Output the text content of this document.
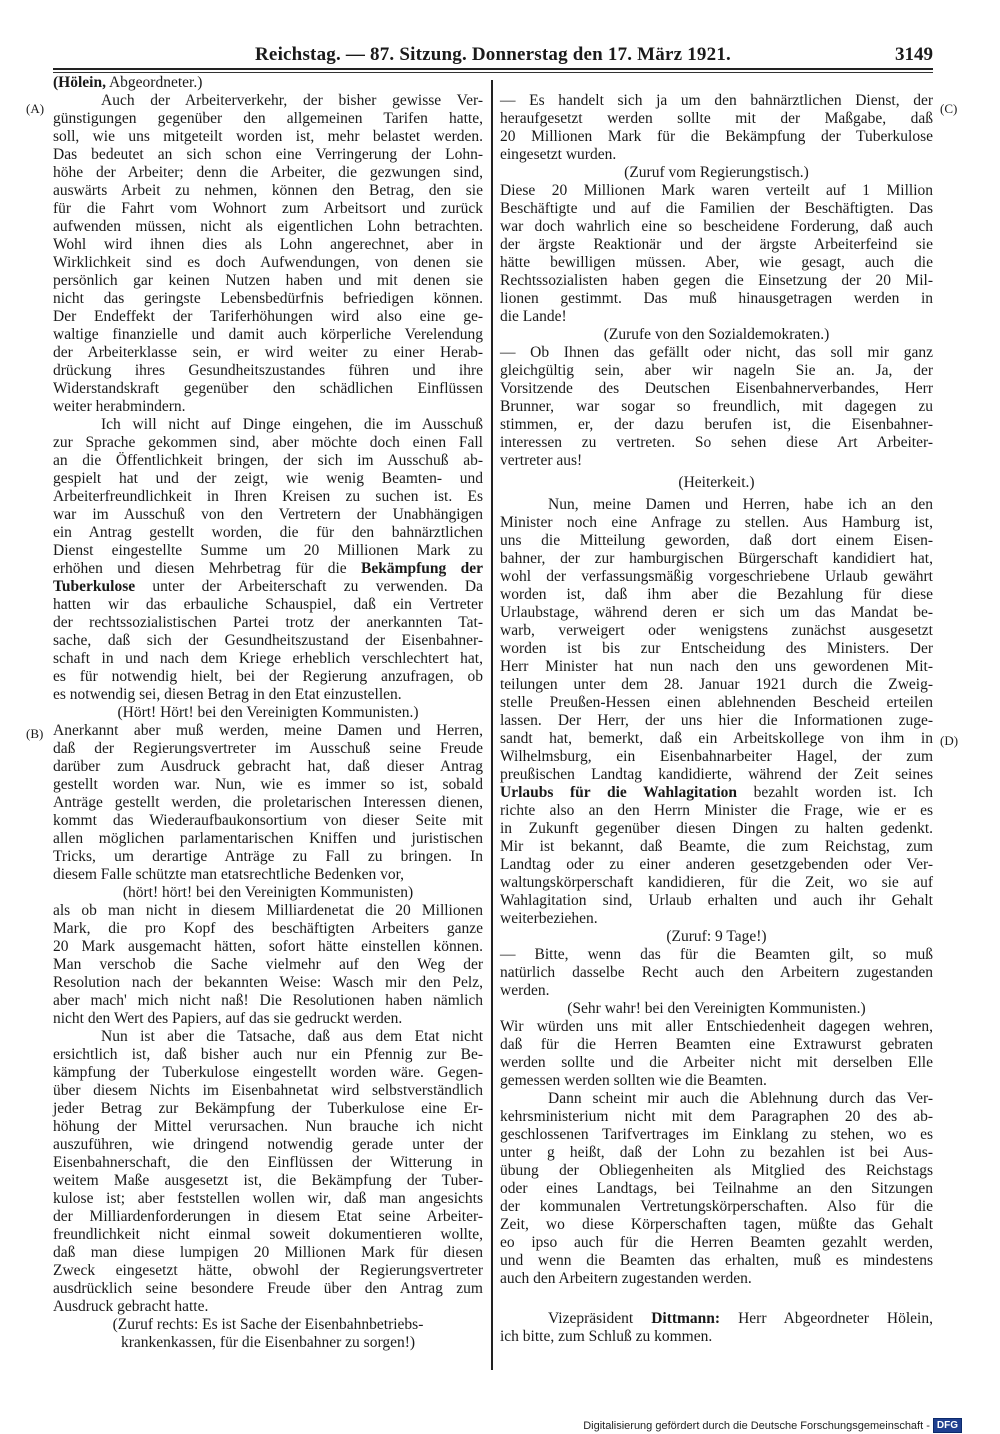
Reichstag. — 87. Sitzung. Donnerstag den 17. März 1921.	3149
(A)
(B)
(C)
(D)
(Hölein, Abgeordneter.)
Auch der Arbeiterverkehr, der bisher gewisse Ver-
günstigungen gegenüber den allgemeinen Tarifen hatte,
soll, wie uns mitgeteilt worden ist, mehr belastet werden.
Das bedeutet an sich schon eine Verringerung der Lohn-
höhe der Arbeiter; denn die Arbeiter, die gezwungen sind,
auswärts Arbeit zu nehmen, können den Betrag, den sie
für die Fahrt vom Wohnort zum Arbeitsort und zurück
aufwenden müssen, nicht als eigentlichen Lohn betrachten.
Wohl wird ihnen dies als Lohn angerechnet, aber in
Wirklichkeit sind es doch Aufwendungen, von denen sie
persönlich gar keinen Nutzen haben und mit denen sie
nicht das geringste Lebensbedürfnis befriedigen können.
Der Endeffekt der Tariferhöhungen wird also eine ge-
waltige finanzielle und damit auch körperliche Verelendung
der Arbeiterklasse sein, er wird weiter zu einer Herab-
drückung ihres Gesundheitszustandes führen und ihre
Widerstandskraft gegenüber den schädlichen Einflüssen
weiter herabmindern.
Ich will nicht auf Dinge eingehen, die im Ausschuß
zur Sprache gekommen sind, aber möchte doch einen Fall
an die Öffentlichkeit bringen, der sich im Ausschuß ab-
gespielt hat und der zeigt, wie wenig Beamten- und
Arbeiterfreundlichkeit in Ihren Kreisen zu suchen ist. Es
war im Ausschuß von den Vertretern der Unabhängigen
ein Antrag gestellt worden, die für den bahnärztlichen
Dienst eingestellte Summe um 20 Millionen Mark zu
erhöhen und diesen Mehrbetrag für die Bekämpfung der
Tuberkulose unter der Arbeiterschaft zu verwenden. Da
hatten wir das erbauliche Schauspiel, daß ein Vertreter
der rechtssozialistischen Partei trotz der anerkannten Tat-
sache, daß sich der Gesundheitszustand der Eisenbahner-
schaft in und nach dem Kriege erheblich verschlechtert hat,
es für notwendig hielt, bei der Regierung anzufragen, ob
es notwendig sei, diesen Betrag in den Etat einzustellen.
(Hört! Hört! bei den Vereinigten Kommunisten.)
Anerkannt aber muß werden, meine Damen und Herren,
daß der Regierungsvertreter im Ausschuß seine Freude
darüber zum Ausdruck gebracht hat, daß dieser Antrag
gestellt worden war. Nun, wie es immer so ist, sobald
Anträge gestellt werden, die proletarischen Interessen dienen,
kommt das Wiederaufbaukonsortium von dieser Seite mit
allen möglichen parlamentarischen Kniffen und juristischen
Tricks, um derartige Anträge zu Fall zu bringen. In
diesem Falle schützte man etatsrechtliche Bedenken vor,
(hört! hört! bei den Vereinigten Kommunisten)
als ob man nicht in diesem Milliardenetat die 20 Millionen
Mark, die pro Kopf des beschäftigten Arbeiters ganze
20 Mark ausgemacht hätten, sofort hätte einstellen können.
Man verschob die Sache vielmehr auf den Weg der
Resolution nach der bekannten Weise: Wasch mir den Pelz,
aber mach' mich nicht naß! Die Resolutionen haben nämlich
nicht den Wert des Papiers, auf das sie gedruckt werden.
Nun ist aber die Tatsache, daß aus dem Etat nicht
ersichtlich ist, daß bisher auch nur ein Pfennig zur Be-
kämpfung der Tuberkulose eingestellt worden wäre. Gegen-
über diesem Nichts im Eisenbahnetat wird selbstverständlich
jeder Betrag zur Bekämpfung der Tuberkulose eine Er-
höhung der Mittel verursachen. Nun brauche ich nicht
auszuführen, wie dringend notwendig gerade unter der
Eisenbahnerschaft, die den Einflüssen der Witterung in
weitem Maße ausgesetzt ist, die Bekämpfung der Tuber-
kulose ist; aber feststellen wollen wir, daß man angesichts
der Milliardenforderungen in diesem Etat seine Arbeiter-
freundlichkeit nicht einmal soweit dokumentieren wollte,
daß man diese lumpigen 20 Millionen Mark für diesen
Zweck eingesetzt hätte, obwohl der Regierungsvertreter
ausdrücklich seine besondere Freude über den Antrag zum
Ausdruck gebracht hatte.
(Zuruf rechts: Es ist Sache der Eisenbahnbetriebs-
krankenkassen, für die Eisenbahner zu sorgen!)
— Es handelt sich ja um den bahnärztlichen Dienst, der
heraufgesetzt werden sollte mit der Maßgabe, daß
20 Millionen Mark für die Bekämpfung der Tuberkulose
eingesetzt wurden.
(Zuruf vom Regierungstisch.)
Diese 20 Millionen Mark waren verteilt auf 1 Million
Beschäftigte und auf die Familien der Beschäftigten. Das
war doch wahrlich eine so bescheidene Forderung, daß auch
der ärgste Reaktionär und der ärgste Arbeiterfeind sie
hätte bewilligen müssen. Aber, wie gesagt, auch die
Rechtssozialisten haben gegen die Einsetzung der 20 Mil-
lionen gestimmt. Das muß hinausgetragen werden in
die Lande!
(Zurufe von den Sozialdemokraten.)
— Ob Ihnen das gefällt oder nicht, das soll mir ganz
gleichgültig sein, aber wir nageln Sie an. Ja, der
Vorsitzende des Deutschen Eisenbahnerverbandes, Herr
Brunner, war sogar so freundlich, mit dagegen zu
stimmen, er, der dazu berufen ist, die Eisenbahner-
interessen zu vertreten. So sehen diese Art Arbeiter-
vertreter aus!
(Heiterkeit.)
Nun, meine Damen und Herren, habe ich an den
Minister noch eine Anfrage zu stellen. Aus Hamburg ist,
uns die Mitteilung geworden, daß dort einem Eisen-
bahner, der zur hamburgischen Bürgerschaft kandidiert hat,
wohl der verfassungsmäßig vorgeschriebene Urlaub gewährt
worden ist, daß ihm aber die Bezahlung für diese
Urlaubstage, während deren er sich um das Mandat be-
warb, verweigert oder wenigstens zunächst ausgesetzt
worden ist bis zur Entscheidung des Ministers. Der
Herr Minister hat nun nach den uns gewordenen Mit-
teilungen unter dem 28. Januar 1921 durch die Zweig-
stelle Preußen-Hessen einen ablehnenden Bescheid erteilen
lassen. Der Herr, der uns hier die Informationen zuge-
sandt hat, bemerkt, daß ein Arbeitskollege von ihm in
Wilhelmsburg, ein Eisenbahnarbeiter Hagel, der zum
preußischen Landtag kandidierte, während der Zeit seines
Urlaubs für die Wahlagitation bezahlt worden ist. Ich
richte also an den Herrn Minister die Frage, wie er es
in Zukunft gegenüber diesen Dingen zu halten gedenkt.
Mir ist bekannt, daß Beamte, die zum Reichstag, zum
Landtag oder zu einer anderen gesetzgebenden oder Ver-
waltungskörperschaft kandidieren, für die Zeit, wo sie auf
Wahlagitation sind, Urlaub erhalten und auch ihr Gehalt
weiterbeziehen.
(Zuruf: 9 Tage!)
— Bitte, wenn das für die Beamten gilt, so muß
natürlich dasselbe Recht auch den Arbeitern zugestanden
werden.
(Sehr wahr! bei den Vereinigten Kommunisten.)
Wir würden uns mit aller Entschiedenheit dagegen wehren,
daß für die Herren Beamten eine Extrawurst gebraten
werden sollte und die Arbeiter nicht mit derselben Elle
gemessen werden sollten wie die Beamten.
Dann scheint mir auch die Ablehnung durch das Ver-
kehrsministerium nicht mit dem Paragraphen 20 des ab-
geschlossenen Tarifvertrages im Einklang zu stehen, wo es
unter g heißt, daß der Lohn zu bezahlen ist bei Aus-
übung der Obliegenheiten als Mitglied des Reichstags
oder eines Landtags, bei Teilnahme an den Sitzungen
der kommunalen Vertretungskörperschaften. Also für die
Zeit, wo diese Körperschaften tagen, müßte das Gehalt
eo ipso auch für die Herren Beamten gezahlt werden,
und wenn die Beamten das erhalten, muß es mindestens
auch den Arbeitern zugestanden werden.
Vizepräsident Dittmann: Herr Abgeordneter Hölein,
ich bitte, zum Schluß zu kommen.
Digitalisierung gefördert durch die Deutsche Forschungsgemeinschaft - DFG
